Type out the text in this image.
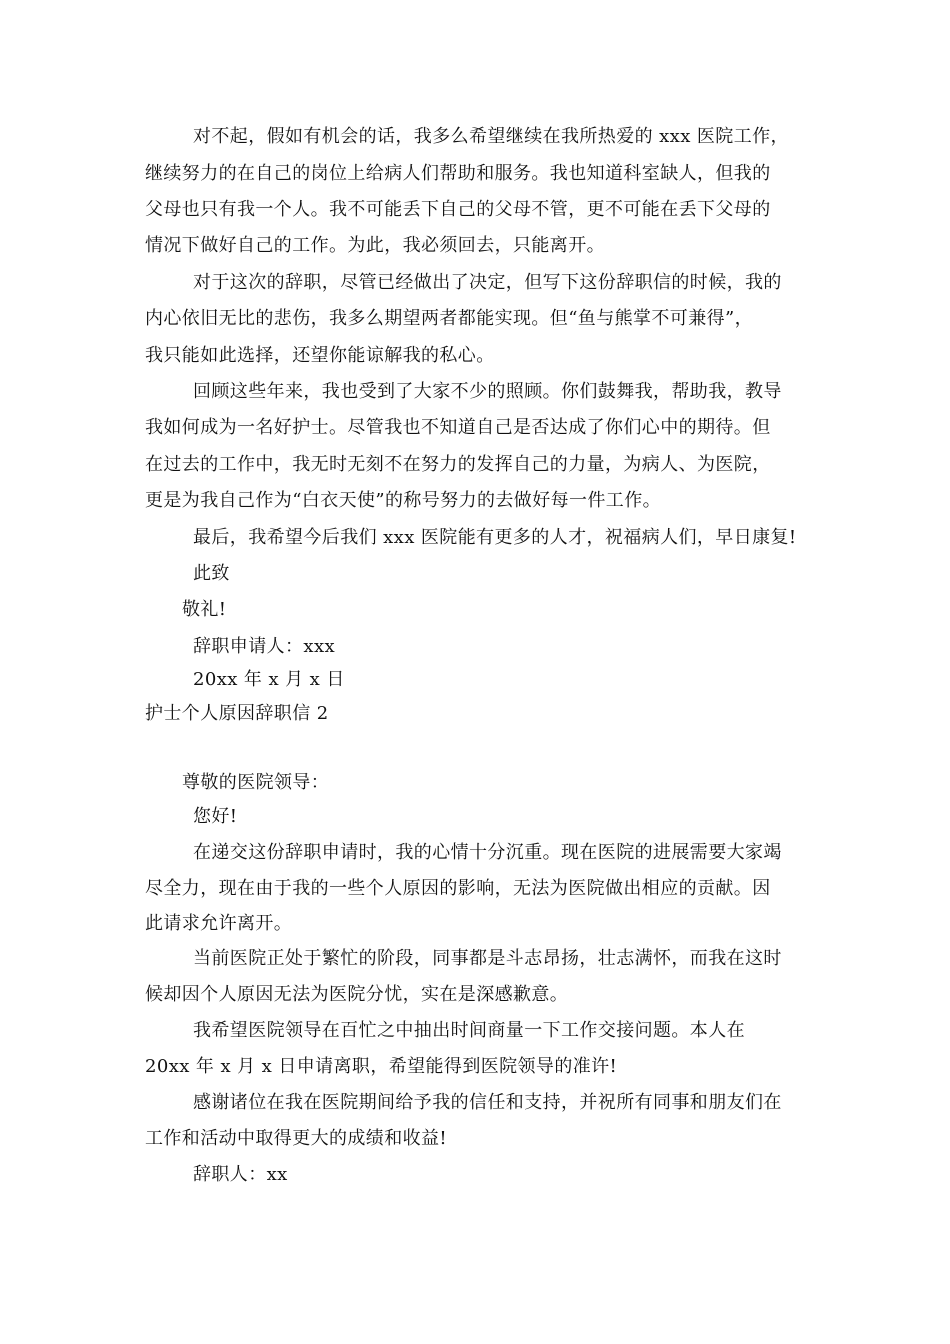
对不起，假如有机会的话，我多么希望继续在我所热爱的 xxx 医院工作，
继续努力的在自己的岗位上给病人们帮助和服务。我也知道科室缺人，但我的
父母也只有我一个人。我不可能丢下自己的父母不管，更不可能在丢下父母的
情况下做好自己的工作。为此，我必须回去，只能离开。
对于这次的辞职，尽管已经做出了决定，但写下这份辞职信的时候，我的
内心依旧无比的悲伤，我多么期望两者都能实现。但“鱼与熊掌不可兼得”，
我只能如此选择，还望你能谅解我的私心。
回顾这些年来，我也受到了大家不少的照顾。你们鼓舞我，帮助我，教导
我如何成为一名好护士。尽管我也不知道自己是否达成了你们心中的期待。但
在过去的工作中，我无时无刻不在努力的发挥自己的力量，为病人、为医院，
更是为我自己作为“白衣天使”的称号努力的去做好每一件工作。
最后，我希望今后我们 xxx 医院能有更多的人才，祝福病人们，早日康复!
此致
敬礼!
辞职申请人：xxx
20xx 年 x 月 x 日
护士个人原因辞职信 2
尊敬的医院领导：
您好!
在递交这份辞职申请时，我的心情十分沉重。现在医院的进展需要大家竭
尽全力，现在由于我的一些个人原因的影响，无法为医院做出相应的贡献。因
此请求允许离开。
当前医院正处于繁忙的阶段，同事都是斗志昂扬，壮志满怀，而我在这时
候却因个人原因无法为医院分忧，实在是深感歉意。
我希望医院领导在百忙之中抽出时间商量一下工作交接问题。本人在
20xx 年 x 月 x 日申请离职，希望能得到医院领导的准许!
感谢诸位在我在医院期间给予我的信任和支持，并祝所有同事和朋友们在
工作和活动中取得更大的成绩和收益!
辞职人：xx
